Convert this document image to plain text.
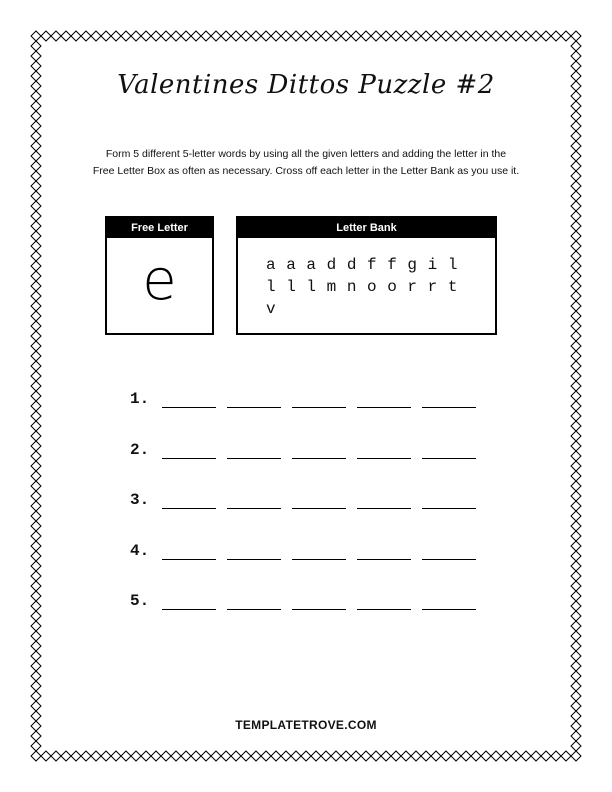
Valentines Dittos Puzzle #2
Form 5 different 5-letter words by using all the given letters and adding the letter in the
Free Letter Box as often as necessary. Cross off each letter in the Letter Bank as you use it.
Free Letter
e
Letter Bank
a a a d d f f g i l l l l m n o o r r t v
1.
2.
3.
4.
5.
TEMPLATETROVE.COM
